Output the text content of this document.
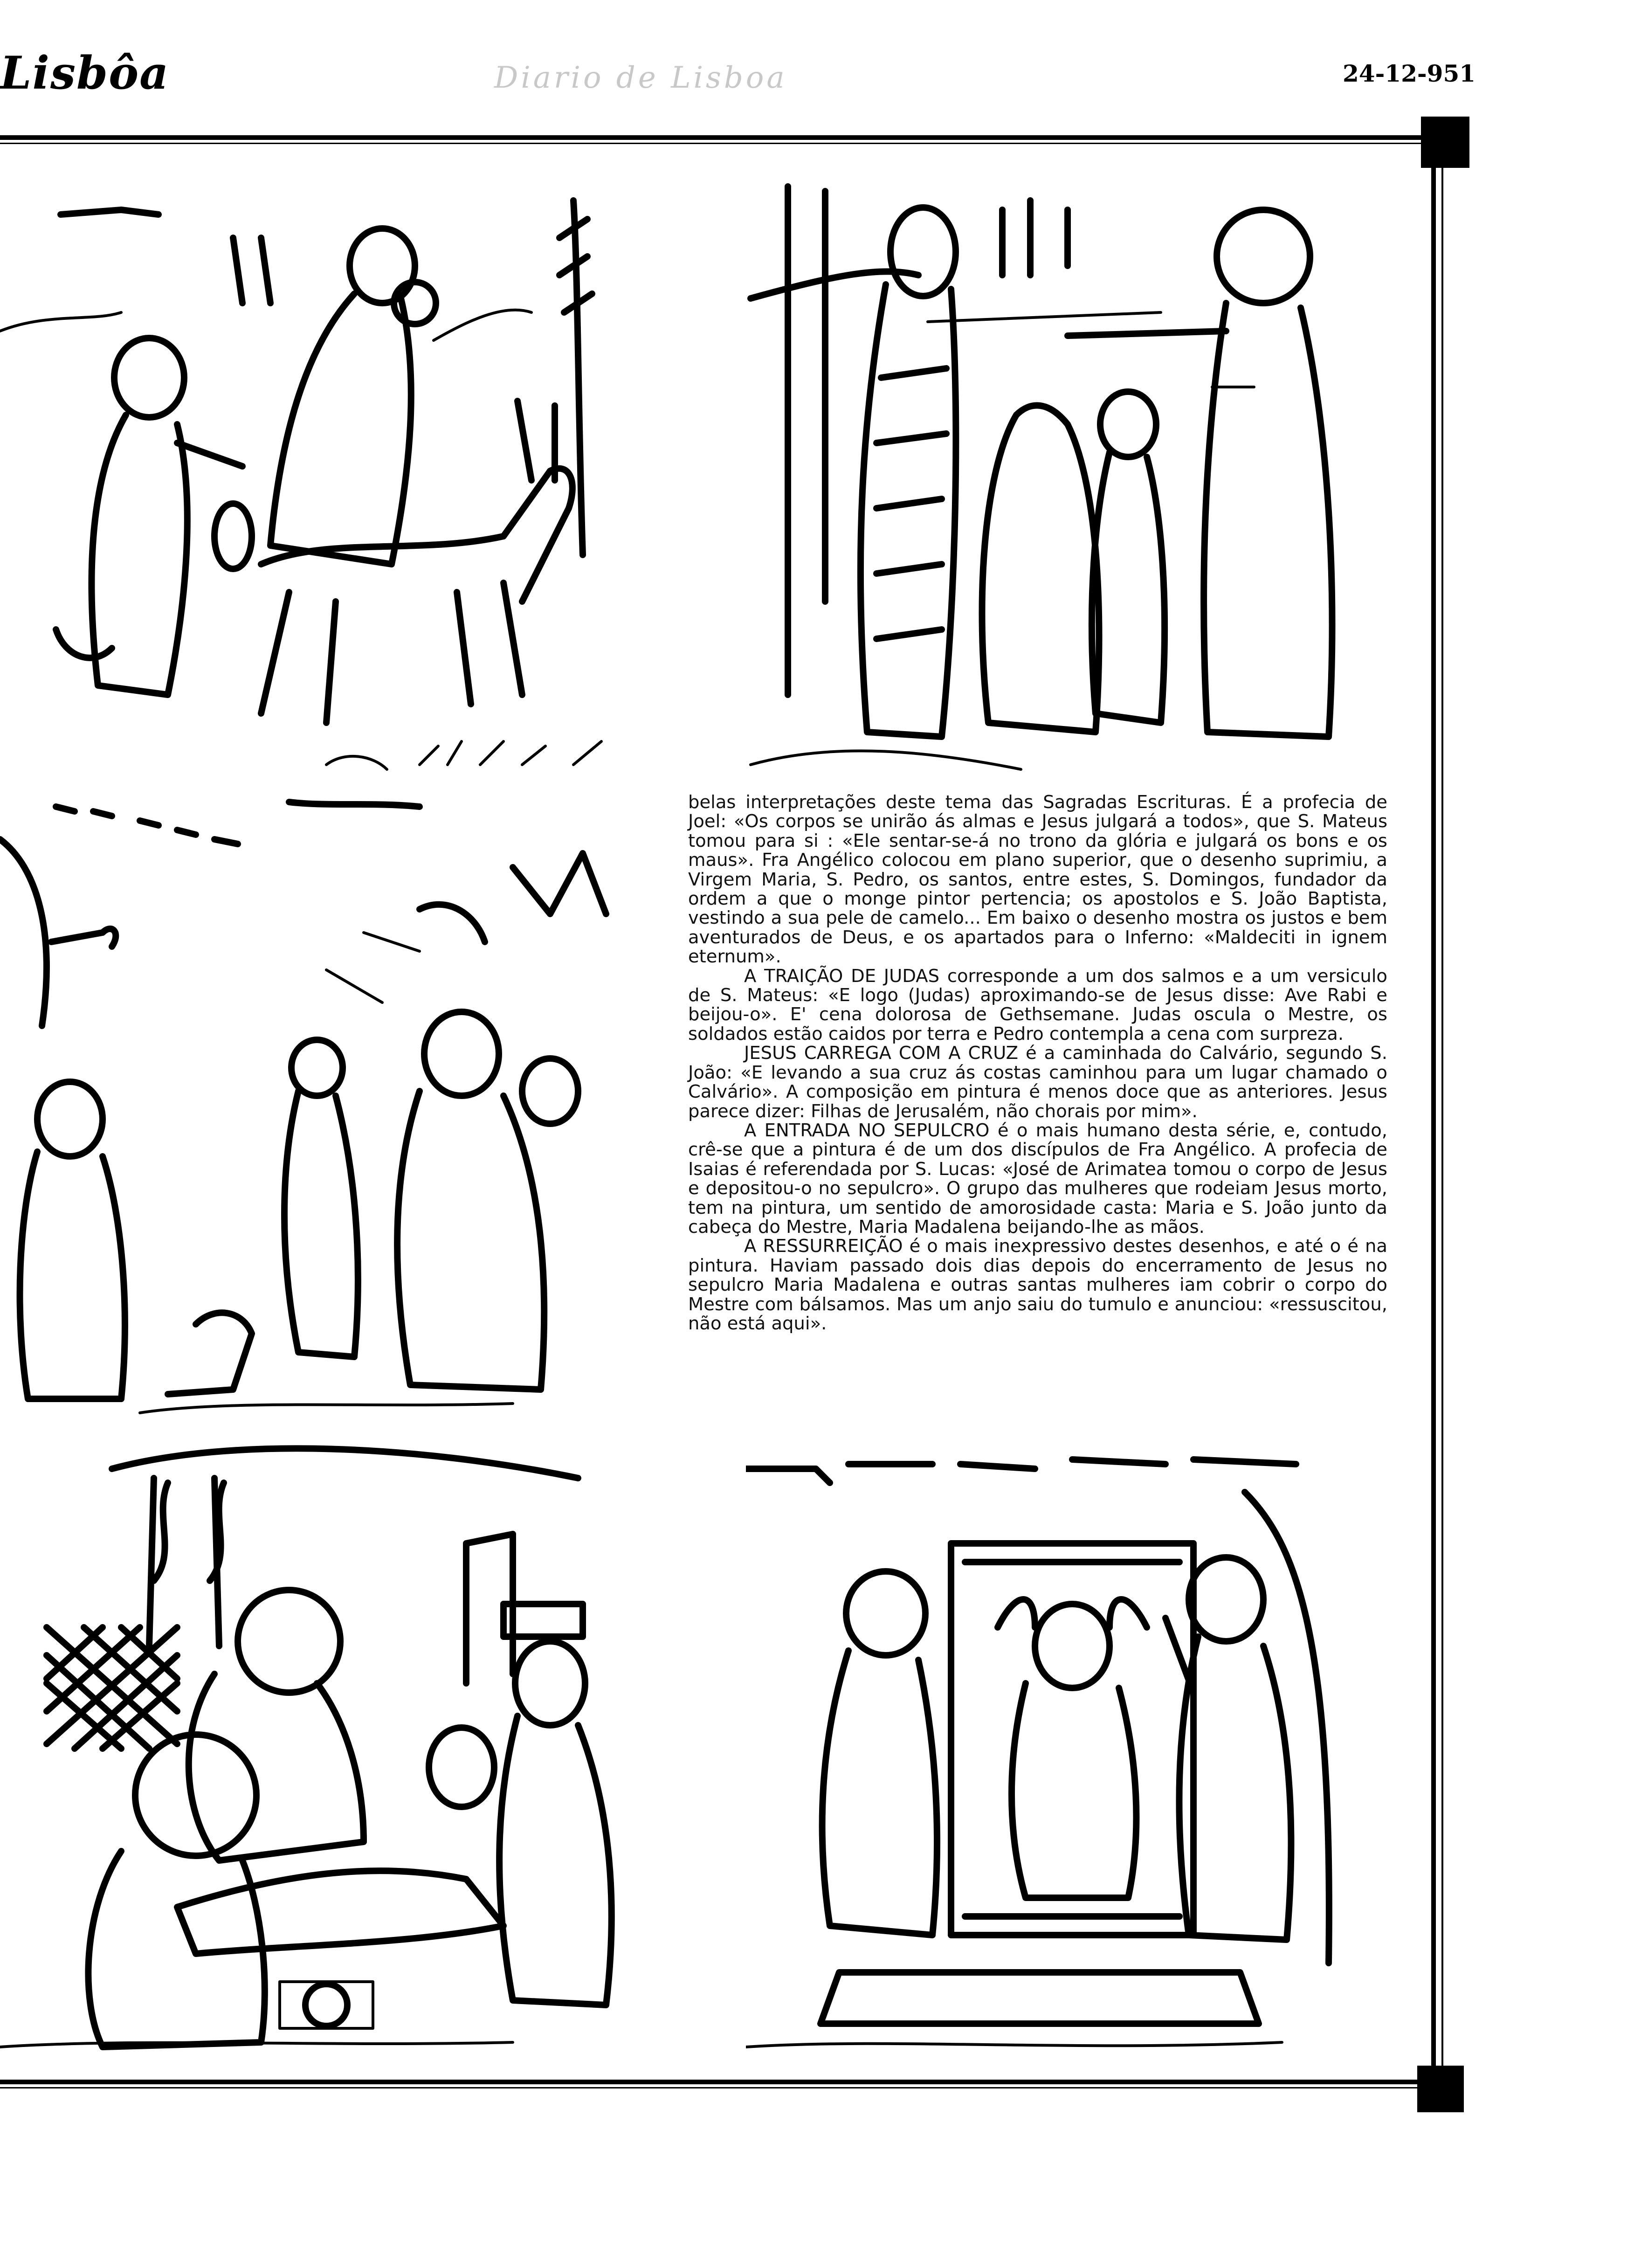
Lisbôa	Diario de Lisboa	24-12-951

belas interpretações deste tema das Sagradas Escrituras. É a profecia de Joel: «Os corpos se unirão ás almas e Jesus julgará a todos», que S. Mateus tomou para si : «Ele sentar-se-á no trono da glória e julgará os bons e os maus». Fra Angélico colocou em plano superior, que o desenho suprimiu, a Virgem Maria, S. Pedro, os santos, entre estes, S. Domingos, fundador da ordem a que o monge pintor pertencia; os apostolos e S. João Baptista, vestindo a sua pele de camelo... Em baixo o desenho mostra os justos e bem aventurados de Deus, e os apartados para o Inferno: «Maldeciti in ignem eternum».

A TRAIÇÃO DE JUDAS corresponde a um dos salmos e a um versiculo de S. Mateus: «E logo (Judas) aproximando-se de Jesus disse: Ave Rabi e beijou-o». E' cena dolorosa de Gethsemane. Judas oscula o Mestre, os soldados estão caidos por terra e Pedro contempla a cena com surpreza.

JESUS CARREGA COM A CRUZ é a caminhada do Calvário, segundo S. João: «E levando a sua cruz ás costas caminhou para um lugar chamado o Calvário». A composição em pintura é menos doce que as anteriores. Jesus parece dizer: Filhas de Jerusalém, não chorais por mim».

A ENTRADA NO SEPULCRO é o mais humano desta série, e, contudo, crê-se que a pintura é de um dos discípulos de Fra Angélico. A profecia de Isaias é referendada por S. Lucas: «José de Arimatea tomou o corpo de Jesus e depositou-o no sepulcro». O grupo das mulheres que rodeiam Jesus morto, tem na pintura, um sentido de amorosidade casta: Maria e S. João junto da cabeça do Mestre, Maria Madalena beijando-lhe as mãos.

A RESSURREIÇÃO é o mais inexpressivo destes desenhos, e até o é na pintura. Haviam passado dois dias depois do encerramento de Jesus no sepulcro Maria Madalena e outras santas mulheres iam cobrir o corpo do Mestre com bálsamos. Mas um anjo saiu do tumulo e anunciou: «ressuscitou, não está aqui».
